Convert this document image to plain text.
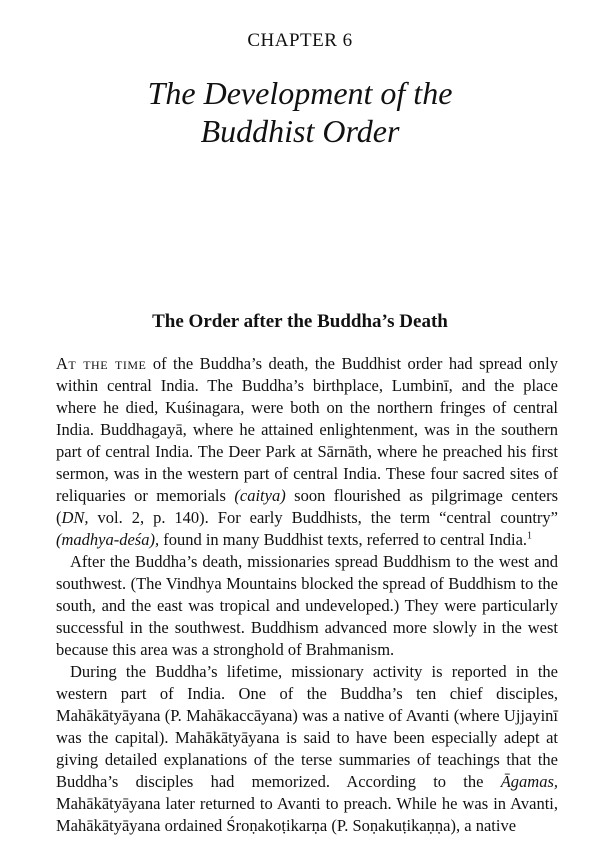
CHAPTER 6
The Development of the
Buddhist Order
The Order after the Buddha’s Death

At the time of the Buddha’s death, the Buddhist order had spread only within central India. The Buddha’s birthplace, Lumbinī, and the place where he died, Kuśinagara, were both on the northern fringes of central India. Buddhagayā, where he attained enlightenment, was in the southern part of central India. The Deer Park at Sārnāth, where he preached his first sermon, was in the western part of central India. These four sacred sites of reliquaries or memorials (caitya) soon flourished as pilgrimage centers (DN, vol. 2, p. 140). For early Buddhists, the term “central country” (madhya-deśa), found in many Buddhist texts, referred to central India.$^1$

After the Buddha’s death, missionaries spread Buddhism to the west and southwest. (The Vindhya Mountains blocked the spread of Buddhism to the south, and the east was tropical and undeveloped.) They were particularly successful in the southwest. Buddhism advanced more slowly in the west because this area was a stronghold of Brahmanism.

During the Buddha’s lifetime, missionary activity is reported in the western part of India. One of the Buddha’s ten chief disciples, Mahākātyāyana (P. Mahākaccāyana) was a native of Avanti (where Ujjayinī was the capital). Mahākātyāyana is said to have been especially adept at giving detailed explanations of the terse summaries of teachings that the Buddha’s disciples had memorized. According to the Āgamas, Mahākātyāyana later returned to Avanti to preach. While he was in Avanti, Mahākātyāyana ordained Śroṇakoṭikarṇa (P. Soṇakuṭikaṇṇa), a native
